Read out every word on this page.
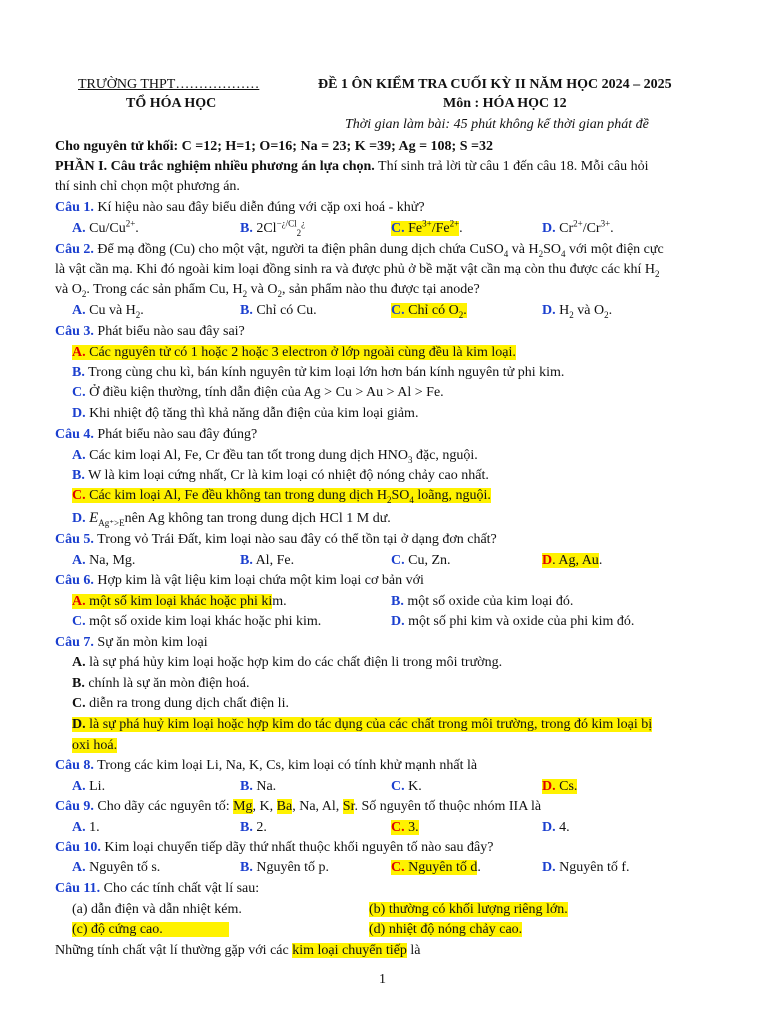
TRƯỜNG THPT………………
TỔ HÓA HỌC
ĐỀ 1 ÔN KIỂM TRA CUỐI KỲ II NĂM HỌC 2024 – 2025
Môn : HÓA HỌC 12
Thời gian làm bài: 45 phút không kể thời gian phát đề
Cho nguyên tử khối: C =12; H=1; O=16; Na = 23; K =39; Ag = 108; S =32
PHẦN I. Câu trắc nghiệm nhiều phương án lựa chọn. Thí sinh trả lời từ câu 1 đến câu 18. Mỗi câu hỏi
thí sinh chỉ chọn một phương án.
Câu 1. Kí hiệu nào sau đây biểu diễn đúng với cặp oxi hoá - khử?
A. $Cu/Cu^{2+}$.	B. $2Cl^{-¿/Cl}_2^¿$	C. $Fe^{3+}/Fe^{2+}$.	D. $Cr^{2+}/Cr^{3+}$.
Câu 2. Để mạ đồng (Cu) cho một vật, người ta điện phân dung dịch chứa CuSO$_4$ và $H_2SO_4$ với một điện cực
là vật cần mạ. Khi đó ngoài kim loại đồng sinh ra và được phủ ở bề mặt vật cần mạ còn thu được các khí $H_2$
và $O_2$. Trong các sản phẩm Cu, $H_2$ và $O_2$, sản phẩm nào thu được tại anode?
A. Cu và $H_2$.	B. Chỉ có Cu.	C. Chỉ có $O_2$.	D. $H_2$ và $O_2$.
Câu 3. Phát biểu nào sau đây sai?
A. Các nguyên tử có 1 hoặc 2 hoặc 3 electron ở lớp ngoài cùng đều là kim loại.
B. Trong cùng chu kì, bán kính nguyên tử kim loại lớn hơn bán kính nguyên tử phi kim.
C. Ở điều kiện thường, tính dẫn điện của Ag > Cu > Au > Al > Fe.
D. Khi nhiệt độ tăng thì khả năng dẫn điện của kim loại giảm.
Câu 4. Phát biểu nào sau đây đúng?
A. Các kim loại Al, Fe, Cr đều tan tốt trong dung dịch $HNO_3$ đặc, nguội.
B. W là kim loại cứng nhất, Cr là kim loại có nhiệt độ nóng chảy cao nhất.
C. Các kim loại Al, Fe đều không tan trong dung dịch $H_2SO_4$ loãng, nguội.
D. $E_{Ag^+>E}nên$ Ag không tan trong dung dịch HCl 1 M dư.
Câu 5. Trong vỏ Trái Đất, kim loại nào sau đây có thể tồn tại ở dạng đơn chất?
A. Na, Mg.	B. Al, Fe.	C. Cu, Zn.	D. Ag, Au.
Câu 6. Hợp kim là vật liệu kim loại chứa một kim loại cơ bản với
A. một số kim loại khác hoặc phi kim.	B. một số oxide của kim loại đó.
C. một số oxide kim loại khác hoặc phi kim.	D. một số phi kim và oxide của phi kim đó.
Câu 7. Sự ăn mòn kim loại
A. là sự phá hủy kim loại hoặc hợp kim do các chất điện li trong môi trường.
B. chính là sự ăn mòn điện hoá.
C. diễn ra trong dung dịch chất điện li.
D. là sự phá huỷ kim loại hoặc hợp kim do tác dụng của các chất trong môi trường, trong đó kim loại bị
oxi hoá.
Câu 8. Trong các kim loại Li, Na, K, Cs, kim loại có tính khử mạnh nhất là
A. Li.	B. Na.	C. K.	D. Cs.
Câu 9. Cho dãy các nguyên tố: Mg, K, Ba, Na, Al, Sr. Số nguyên tố thuộc nhóm IIA là
A. 1.	B. 2.	C. 3.	D. 4.
Câu 10. Kim loại chuyển tiếp dãy thứ nhất thuộc khối nguyên tố nào sau đây?
A. Nguyên tố s.	B. Nguyên tố p.	C. Nguyên tố d.	D. Nguyên tố f.
Câu 11. Cho các tính chất vật lí sau:
(a) dẫn điện và dẫn nhiệt kém.	(b) thường có khối lượng riêng lớn.
(c) độ cứng cao.	(d) nhiệt độ nóng chảy cao.
Những tính chất vật lí thường gặp với các kim loại chuyển tiếp là
1
